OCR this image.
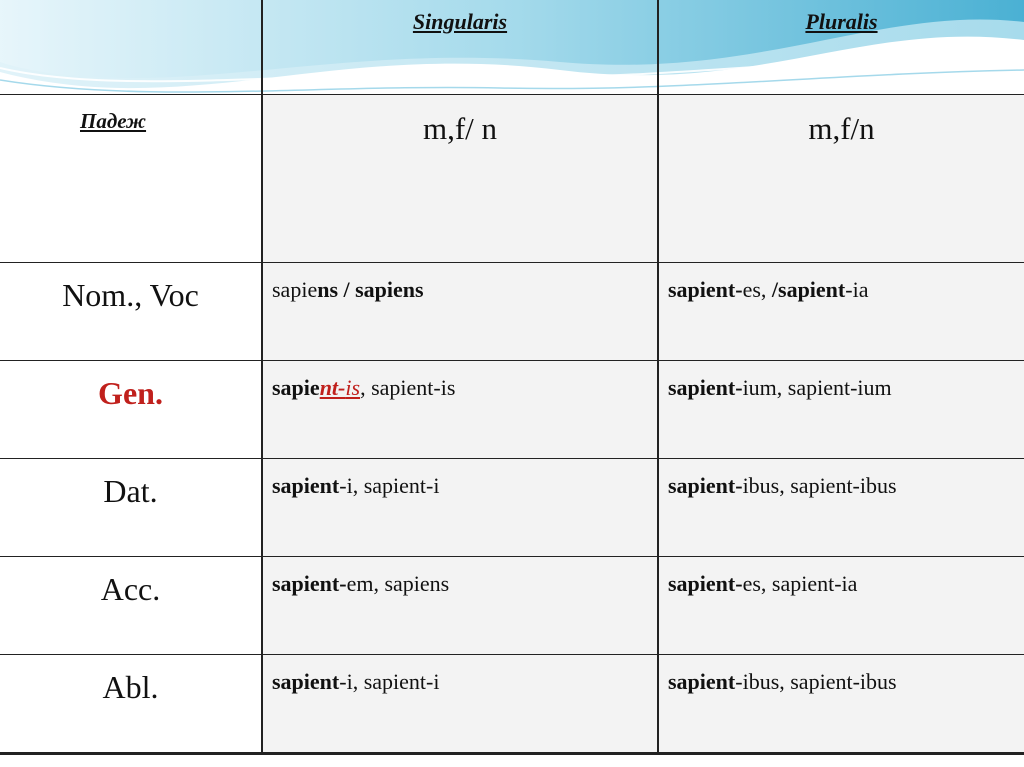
	Singularis	Pluralis

Падеж	m,f/ n	m,f/n

Nom., Voc	sapiens / sapiens	sapient-es, /sapient-ia

Gen.	sapient-is, sapient-is	sapient-ium, sapient-ium

Dat.	sapient-i, sapient-i	sapient-ibus, sapient-ibus

Acc.	sapient-em, sapiens	sapient-es, sapient-ia

Abl.	sapient-i, sapient-i	sapient-ibus, sapient-ibus
